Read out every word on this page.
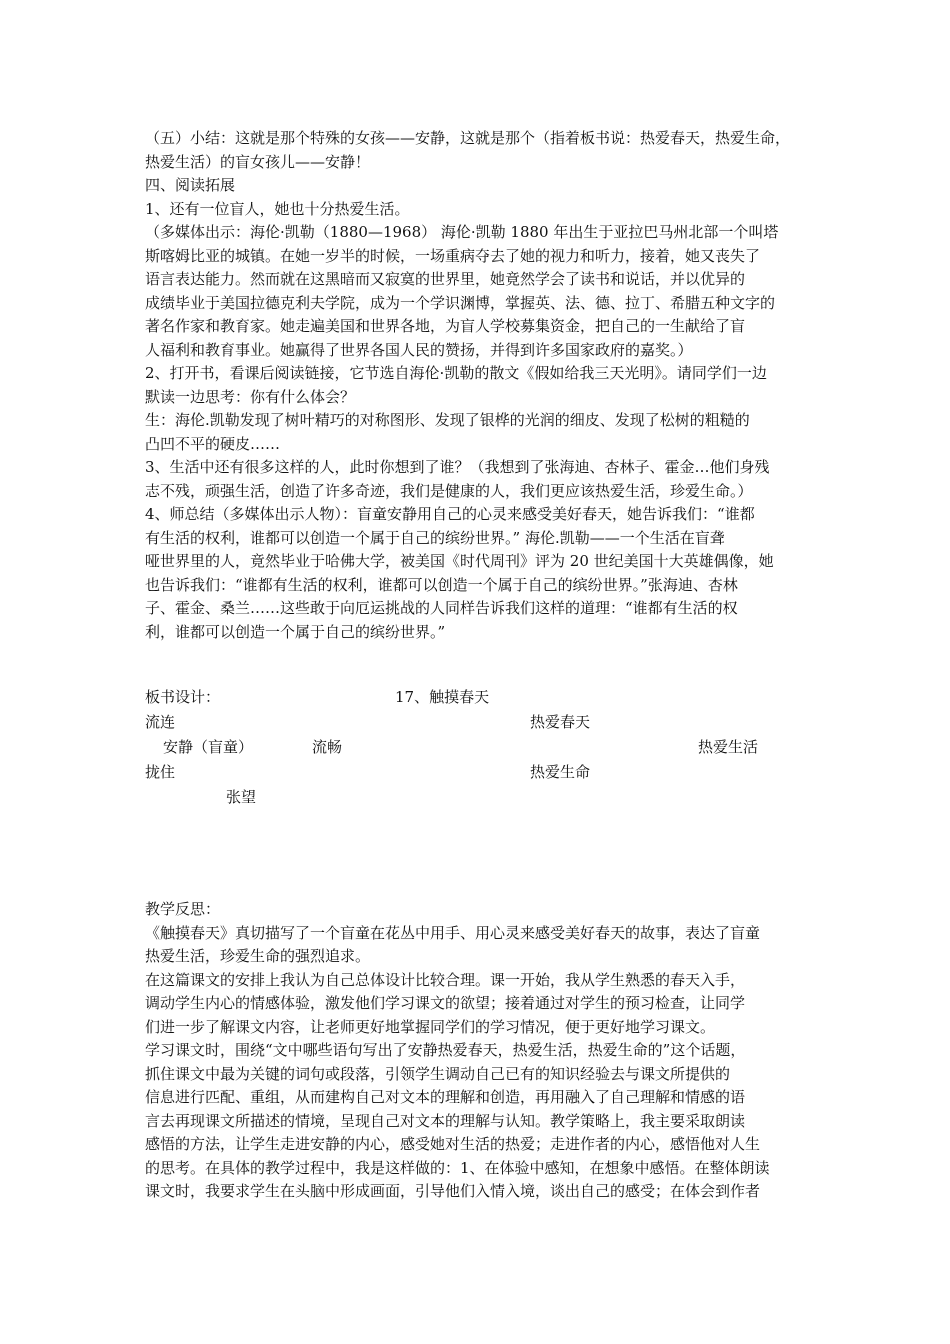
（五）小结：这就是那个特殊的女孩——安静，这就是那个（指着板书说：热爱春天，热爱生命，
热爱生活）的盲女孩儿——安静！
四、阅读拓展
1、还有一位盲人，她也十分热爱生活。
（多媒体出示：海伦·凯勒（1880—1968） 海伦·凯勒 1880 年出生于亚拉巴马州北部一个叫塔
斯喀姆比亚的城镇。在她一岁半的时候，一场重病夺去了她的视力和听力，接着，她又丧失了
语言表达能力。然而就在这黑暗而又寂寞的世界里，她竟然学会了读书和说话，并以优异的
成绩毕业于美国拉德克利夫学院，成为一个学识渊博，掌握英、法、德、拉丁、希腊五种文字的
著名作家和教育家。她走遍美国和世界各地，为盲人学校募集资金，把自己的一生献给了盲
人福利和教育事业。她赢得了世界各国人民的赞扬，并得到许多国家政府的嘉奖。）
2、打开书，看课后阅读链接，它节选自海伦·凯勒的散文《假如给我三天光明》。请同学们一边
默读一边思考：你有什么体会？
生：海伦.凯勒发现了树叶精巧的对称图形、发现了银桦的光润的细皮、发现了松树的粗糙的
凸凹不平的硬皮……
3、生活中还有很多这样的人，此时你想到了谁？（我想到了张海迪、杏林子、霍金…他们身残
志不残，顽强生活，创造了许多奇迹，我们是健康的人，我们更应该热爱生活，珍爱生命。）
4、师总结（多媒体出示人物）：盲童安静用自己的心灵来感受美好春天，她告诉我们：“谁都
有生活的权利，谁都可以创造一个属于自己的缤纷世界。” 海伦.凯勒——一个生活在盲聋
哑世界里的人，竟然毕业于哈佛大学，被美国《时代周刊》评为 20 世纪美国十大英雄偶像，她
也告诉我们：“谁都有生活的权利，谁都可以创造一个属于自己的缤纷世界。”张海迪、杏林
子、霍金、桑兰……这些敢于向厄运挑战的人同样告诉我们这样的道理：“谁都有生活的权
利，谁都可以创造一个属于自己的缤纷世界。”
板书设计：	17、触摸春天
流连	热爱春天
安静（盲童）	流畅	热爱生活
拢住	热爱生命
张望
教学反思：
《触摸春天》真切描写了一个盲童在花丛中用手、用心灵来感受美好春天的故事，表达了盲童
热爱生活，珍爱生命的强烈追求。
在这篇课文的安排上我认为自己总体设计比较合理。课一开始，我从学生熟悉的春天入手，
调动学生内心的情感体验，激发他们学习课文的欲望；接着通过对学生的预习检查，让同学
们进一步了解课文内容，让老师更好地掌握同学们的学习情况，便于更好地学习课文。
学习课文时，围绕“文中哪些语句写出了安静热爱春天，热爱生活，热爱生命的”这个话题，
抓住课文中最为关键的词句或段落，引领学生调动自己已有的知识经验去与课文所提供的
信息进行匹配、重组，从而建构自己对文本的理解和创造，再用融入了自己理解和情感的语
言去再现课文所描述的情境，呈现自己对文本的理解与认知。教学策略上，我主要采取朗读
感悟的方法，让学生走进安静的内心，感受她对生活的热爱；走进作者的内心，感悟他对人生
的思考。在具体的教学过程中，我是这样做的：1、在体验中感知，在想象中感悟。在整体朗读
课文时，我要求学生在头脑中形成画面，引导他们入情入境，谈出自己的感受；在体会到作者
